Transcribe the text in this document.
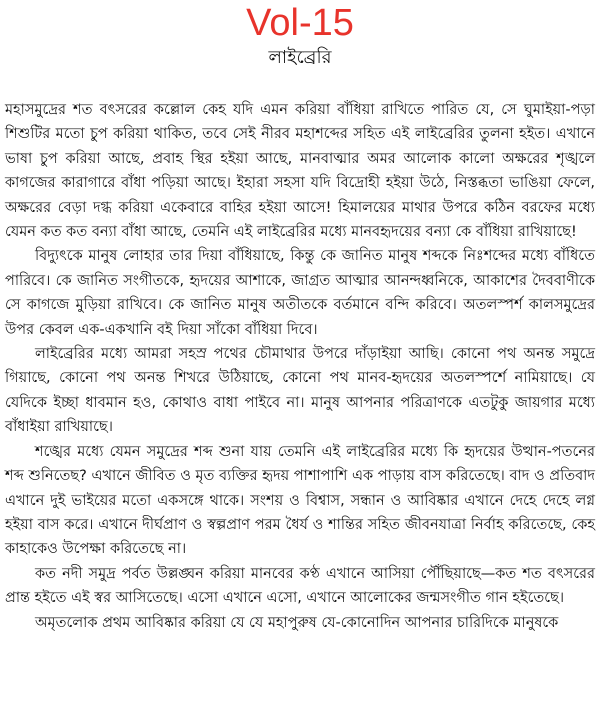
Vol-15
লাইব্রেরি

মহাসমুদ্রের শত বৎসরের কল্লোল কেহ যদি এমন করিয়া বাঁধিয়া রাখিতে পারিত যে, সে ঘুমাইয়া-পড়া শিশুটির মতো চুপ করিয়া থাকিত, তবে সেই নীরব মহাশব্দের সহিত এই লাইব্রেরির তুলনা হইত। এখানে ভাষা চুপ করিয়া আছে, প্রবাহ স্থির হইয়া আছে, মানবাত্মার অমর আলোক কালো অক্ষরের শৃঙ্খলে কাগজের কারাগারে বাঁধা পড়িয়া আছে। ইহারা সহসা যদি বিদ্রোহী হইয়া উঠে, নিস্তব্ধতা ভাঙিয়া ফেলে, অক্ষরের বেড়া দগ্ধ করিয়া একেবারে বাহির হইয়া আসে! হিমালয়ের মাথার উপরে কঠিন বরফের মধ্যে যেমন কত কত বন্যা বাঁধা আছে, তেমনি এই লাইব্রেরির মধ্যে মানবহৃদয়ের বন্যা কে বাঁধিয়া রাখিয়াছে!

বিদ্যুৎকে মানুষ লোহার তার দিয়া বাঁধিয়াছে, কিন্তু কে জানিত মানুষ শব্দকে নিঃশব্দের মধ্যে বাঁধিতে পারিবে। কে জানিত সংগীতকে, হৃদয়ের আশাকে, জাগ্রত আত্মার আনন্দধ্বনিকে, আকাশের দৈববাণীকে সে কাগজে মুড়িয়া রাখিবে। কে জানিত মানুষ অতীতকে বর্তমানে বন্দি করিবে। অতলস্পর্শ কালসমুদ্রের উপর কেবল এক-একখানি বই দিয়া সাঁকো বাঁধিয়া দিবে।

লাইব্রেরির মধ্যে আমরা সহস্র পথের চৌমাথার উপরে দাঁড়াইয়া আছি। কোনো পথ অনন্ত সমুদ্রে গিয়াছে, কোনো পথ অনন্ত শিখরে উঠিয়াছে, কোনো পথ মানব-হৃদয়ের অতলস্পর্শে নামিয়াছে। যে যেদিকে ইচ্ছা ধাবমান হও, কোথাও বাধা পাইবে না। মানুষ আপনার পরিত্রাণকে এতটুকু জায়গার মধ্যে বাঁধাইয়া রাখিয়াছে।

শঙ্খের মধ্যে যেমন সমুদ্রের শব্দ শুনা যায় তেমনি এই লাইব্রেরির মধ্যে কি হৃদয়ের উত্থান-পতনের শব্দ শুনিতেছ? এখানে জীবিত ও মৃত ব্যক্তির হৃদয় পাশাপাশি এক পাড়ায় বাস করিতেছে। বাদ ও প্রতিবাদ এখানে দুই ভাইয়ের মতো একসঙ্গে থাকে। সংশয় ও বিশ্বাস, সন্ধান ও আবিষ্কার এখানে দেহে দেহে লগ্ন হইয়া বাস করে। এখানে দীর্ঘপ্রাণ ও স্বল্পপ্রাণ পরম ধৈর্য ও শান্তির সহিত জীবনযাত্রা নির্বাহ করিতেছে, কেহ কাহাকেও উপেক্ষা করিতেছে না।

কত নদী সমুদ্র পর্বত উল্লঙ্ঘন করিয়া মানবের কণ্ঠ এখানে আসিয়া পৌঁছিয়াছে—কত শত বৎসরের প্রান্ত হইতে এই স্বর আসিতেছে। এসো এখানে এসো, এখানে আলোকের জন্মসংগীত গান হইতেছে।

অমৃতলোক প্রথম আবিষ্কার করিয়া যে যে মহাপুরুষ যে-কোনোদিন আপনার চারিদিকে মানুষকে
